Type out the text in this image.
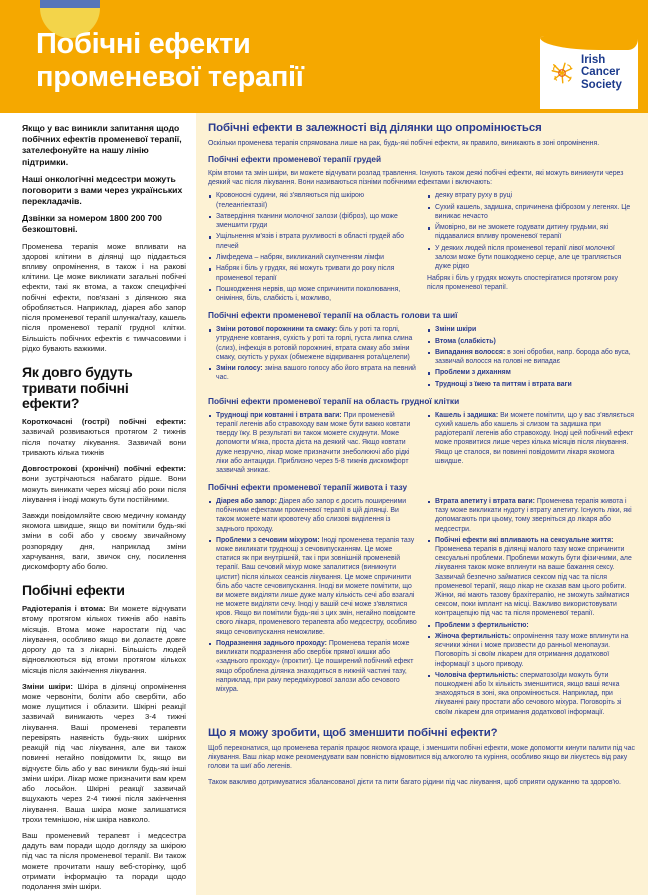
Побічні ефекти
променевої терапії
Irish
Cancer
Society

Якщо у вас виникли запитання щодо побічних ефектів променевої терапії, зателефонуйте на нашу лінію підтримки.

Наші онкологічні медсестри можуть поговорити з вами через українських перекладачів.

Дзвінки за номером 1800 200 700 безкоштовні.

Променева терапія може впливати на здорові клітини в ділянці що піддається впливу опромінення, в також і на ракові клітини. Це може викликати загальні побічні ефекти, такі як втома, а також специфічні побічні ефекти, пов'язані з ділянкою яка обробляється. Наприклад, діарея або запор після променевої терапії шлунка/тазу, кашель після променевої терапії грудної клітки. Більшість побічних ефектів є тимчасовими і рідко бувають важкими.

Як довго будуть тривати побічні ефекти?

Короткочасні (гострі) побічні ефекти: зазвичай розвиваються протягом 2 тижнів після початку лікування. Зазвичай вони тривають кілька тижнів

Довгострокові (хронічні) побічні ефекти: вони зустрічаються набагато рідше. Вони можуть виникати через місяці або роки після лікування і іноді можуть бути постійними.

Завжди повідомляйте свою медичну команду якомога швидше, якщо ви помітили будь-які зміни в собі або у своєму звичайному розпорядку дня, наприклад зміни харчування, ваги, звичок сну, посилення дискомфорту або болю.

Побічні ефекти

Радіотерапія і втома: Ви можете відчувати втому протягом кількох тижнів або навіть місяців. Втома може наростати під час лікування, особливо якщо ви долаєте довге дорогу до та з лікарні. Більшість людей відновлюються від втоми протягом кількох місяців після закінчення лікування.

Зміни шкіри: Шкіра в ділянці опромінення може червоніти, боліти або свербіти, або може лущитися і облазити. Шкірні реакції зазвичай виникають через 3-4 тижні лікування. Ваші променеві терапевти перевірять наявність будь-яких шкірних реакцій під час лікування, але ви також повинні негайно повідомити їх, якщо ви відчуєте біль або у вас виникли будь-які інші зміни шкіри. Лікар може призначити вам крем або лосьйон. Шкірні реакції зазвичай вщухають через 2-4 тижні після закінчення лікування. Ваша шкіра може залишатися трохи темнішою, ніж шкіра навколо.

Ваш променевий терапевт і медсестра дадуть вам поради щодо догляду за шкірою під час та після променевої терапії. Ви також можете прочитати нашу веб-сторінку, щоб отримати інформацію та поради щодо подолання змін шкіри.

Побічні ефекти в залежності від ділянки що опромінюється

Оскільки променева терапія спрямована лише на рак, будь-які побічні ефекти, як правило, виникають в зоні опромінення.

Побічні ефекти променевої терапії грудей

Крім втоми та змін шкіри, ви можете відчувати розлад травлення. Існують також деякі побічні ефекти, які можуть виникнути через деякий час після лікування. Вони називаються пізніми побічними ефектами і включають:

Кровоносні судини, які з'являються під шкірою (телеангіектазії)
Затвердіння тканини молочної залози (фіброз), що може зменшити груди
Ущільнення м'язів і втрата рухливості в області грудей або плечей
Лімфедема – набряк, викликаний скупченням лімфи
Набряк і біль у грудях, які можуть тривати до року після променевої терапії
Пошкодження нервів, що може спричинити поколювання, оніміння, біль, слабкість і, можливо,
деяку втрату руху в руці
Сухий кашель, задишка, спричинена фіброзом у легенях. Це виникає нечасто
Ймовірно, ви не зможете годувати дитину грудьми, які піддавалися впливу променевої терапії
У деяких людей після променевої терапії лівої молочної залози може бути пошкоджено серце, але це трапляється дуже рідко

Набряк і біль у грудях можуть спостерігатися протягом року після променевої терапії.

Побічні ефекти променевої терапії на область голови та шиї
Зміни ротової порожнини та смаку: біль у роті та горлі, утруднене ковтання, сухість у роті та горлі, густа липка слина (слиз), інфекція в ротовій порожнині, втрата смаку або зміни смаку, скутість у рухах (обмежене відкривання рота/щелепи)
Зміни голосу: зміна вашого голосу або його втрата на певний час.
Зміни шкіри
Втома (слабкість)
Випадання волосся: в зоні обробки, напр. борода або вуса, зазвичай волосся на голові не випадає
Проблеми з диханням
Труднощі з їжею та питтям і втрата ваги
Побічні ефекти променевої терапії на область грудної клітки
Труднощі при ковтанні і втрата ваги: При променевій терапії легенів або стравоходу вам може бути важко ковтати тверду їжу. В результаті ви також можете схуднути. Може допомогти м'яка, проста дієта на деякий час. Якщо ковтати дуже незручно, лікар може призначити знеболюючі або рідкі ліки або антациди. Приблизно через 5-8 тижнів дискомфорт зазвичай зникає.
Кашель і задишка: Ви можете помітити, що у вас з'являється сухий кашель або кашель зі слизом та задишка при радіотерапії легенів або стравоходу. Іноді цей побічний ефект може проявитися лише через кілька місяців після лікування. Якщо це сталося, ви повинні повідомити лікаря якомога швидше.
Побічні ефекти променевої терапії живота і тазу
Діарея або запор: Діарея або запор є досить поширеними побічними ефектами променевої терапії в цій ділянці. Ви також можете мати кровотечу або слизові виділення із заднього проходу.
Проблеми з сечовим міхуром: Іноді променева терапія тазу може викликати труднощі з сечовипусканням. Це може статися як при внутрішній, так і при зовнішній променевій терапії. Ваш сечовий міхур може запалитися (виникнути цистит) після кількох сеансів лікування. Це може спричинити біль або часте сечовипускання. Іноді ви можете помітити, що ви можете виділяти лише дуже малу кількість сечі або взагалі не можете виділяти сечу. Іноді у вашій сечі може з'являтися кров. Якщо ви помітили будь-які з цих змін, негайно повідомте свого лікаря, променевого терапевта або медсестру, особливо якщо сечовипускання неможливе.
Подразнення заднього проходу: Променева терапія може викликати подразнення або свербіж прямої кишки або «заднього проходу» (проктит). Це поширений побічний ефект якщо оброблена ділянка знаходиться в нижній частині тазу, наприклад, при раку передміхурової залози або сечового міхура.
Втрата апетиту і втрата ваги: Променева терапія живота і тазу може викликати нудоту і втрату апетиту. Існують ліки, які допомагають при цьому, тому зверніться до лікаря або медсестри.
Побічні ефекти які впливають на сексуальне життя: Променева терапія в ділянці малого тазу може спричинити сексуальні проблеми. Проблеми можуть бути фізичними, але лікування також може вплинути на ваше бажання сексу. Зазвичай безпечно займатися сексом під час та після променевої терапії, якщо лікар не сказав вам цього робити. Жінки, які мають тазову брахітерапію, не зможуть займатися сексом, поки імплант на місці. Важливо використовувати контрацепцію під час та після променевої терапії.
Проблеми з фертильністю:
Жіноча фертильність: опромінення тазу може вплинути на яєчники жінки і може призвести до ранньої менопаузи. Поговоріть зі своїм лікарем для отримання додаткової інформації з цього приводу.
Чоловіча фертильність: сперматозоїди можуть бути пошкоджені або їх кількість зменшитися, якщо ваші яєчка знаходяться в зоні, яка опромінюється. Наприклад, при лікуванні раку простати або сечового міхура. Поговоріть зі своїм лікарем для отримання додаткової інформації.
Що я можу зробити, щоб зменшити побічні ефекти?

Щоб переконатися, що променева терапія працює якомога краще, і зменшити побічні ефекти, може допомогти кинути палити під час лікування. Ваш лікар може рекомендувати вам повністю відмовитися від алкоголю та куріння, особливо якщо ви лікуєтесь від раку голови та шиї або легенів.

Також важливо дотримуватися збалансованої дієти та пити багато рідини під час лікування, щоб сприяти одужанню та здоров'ю.
